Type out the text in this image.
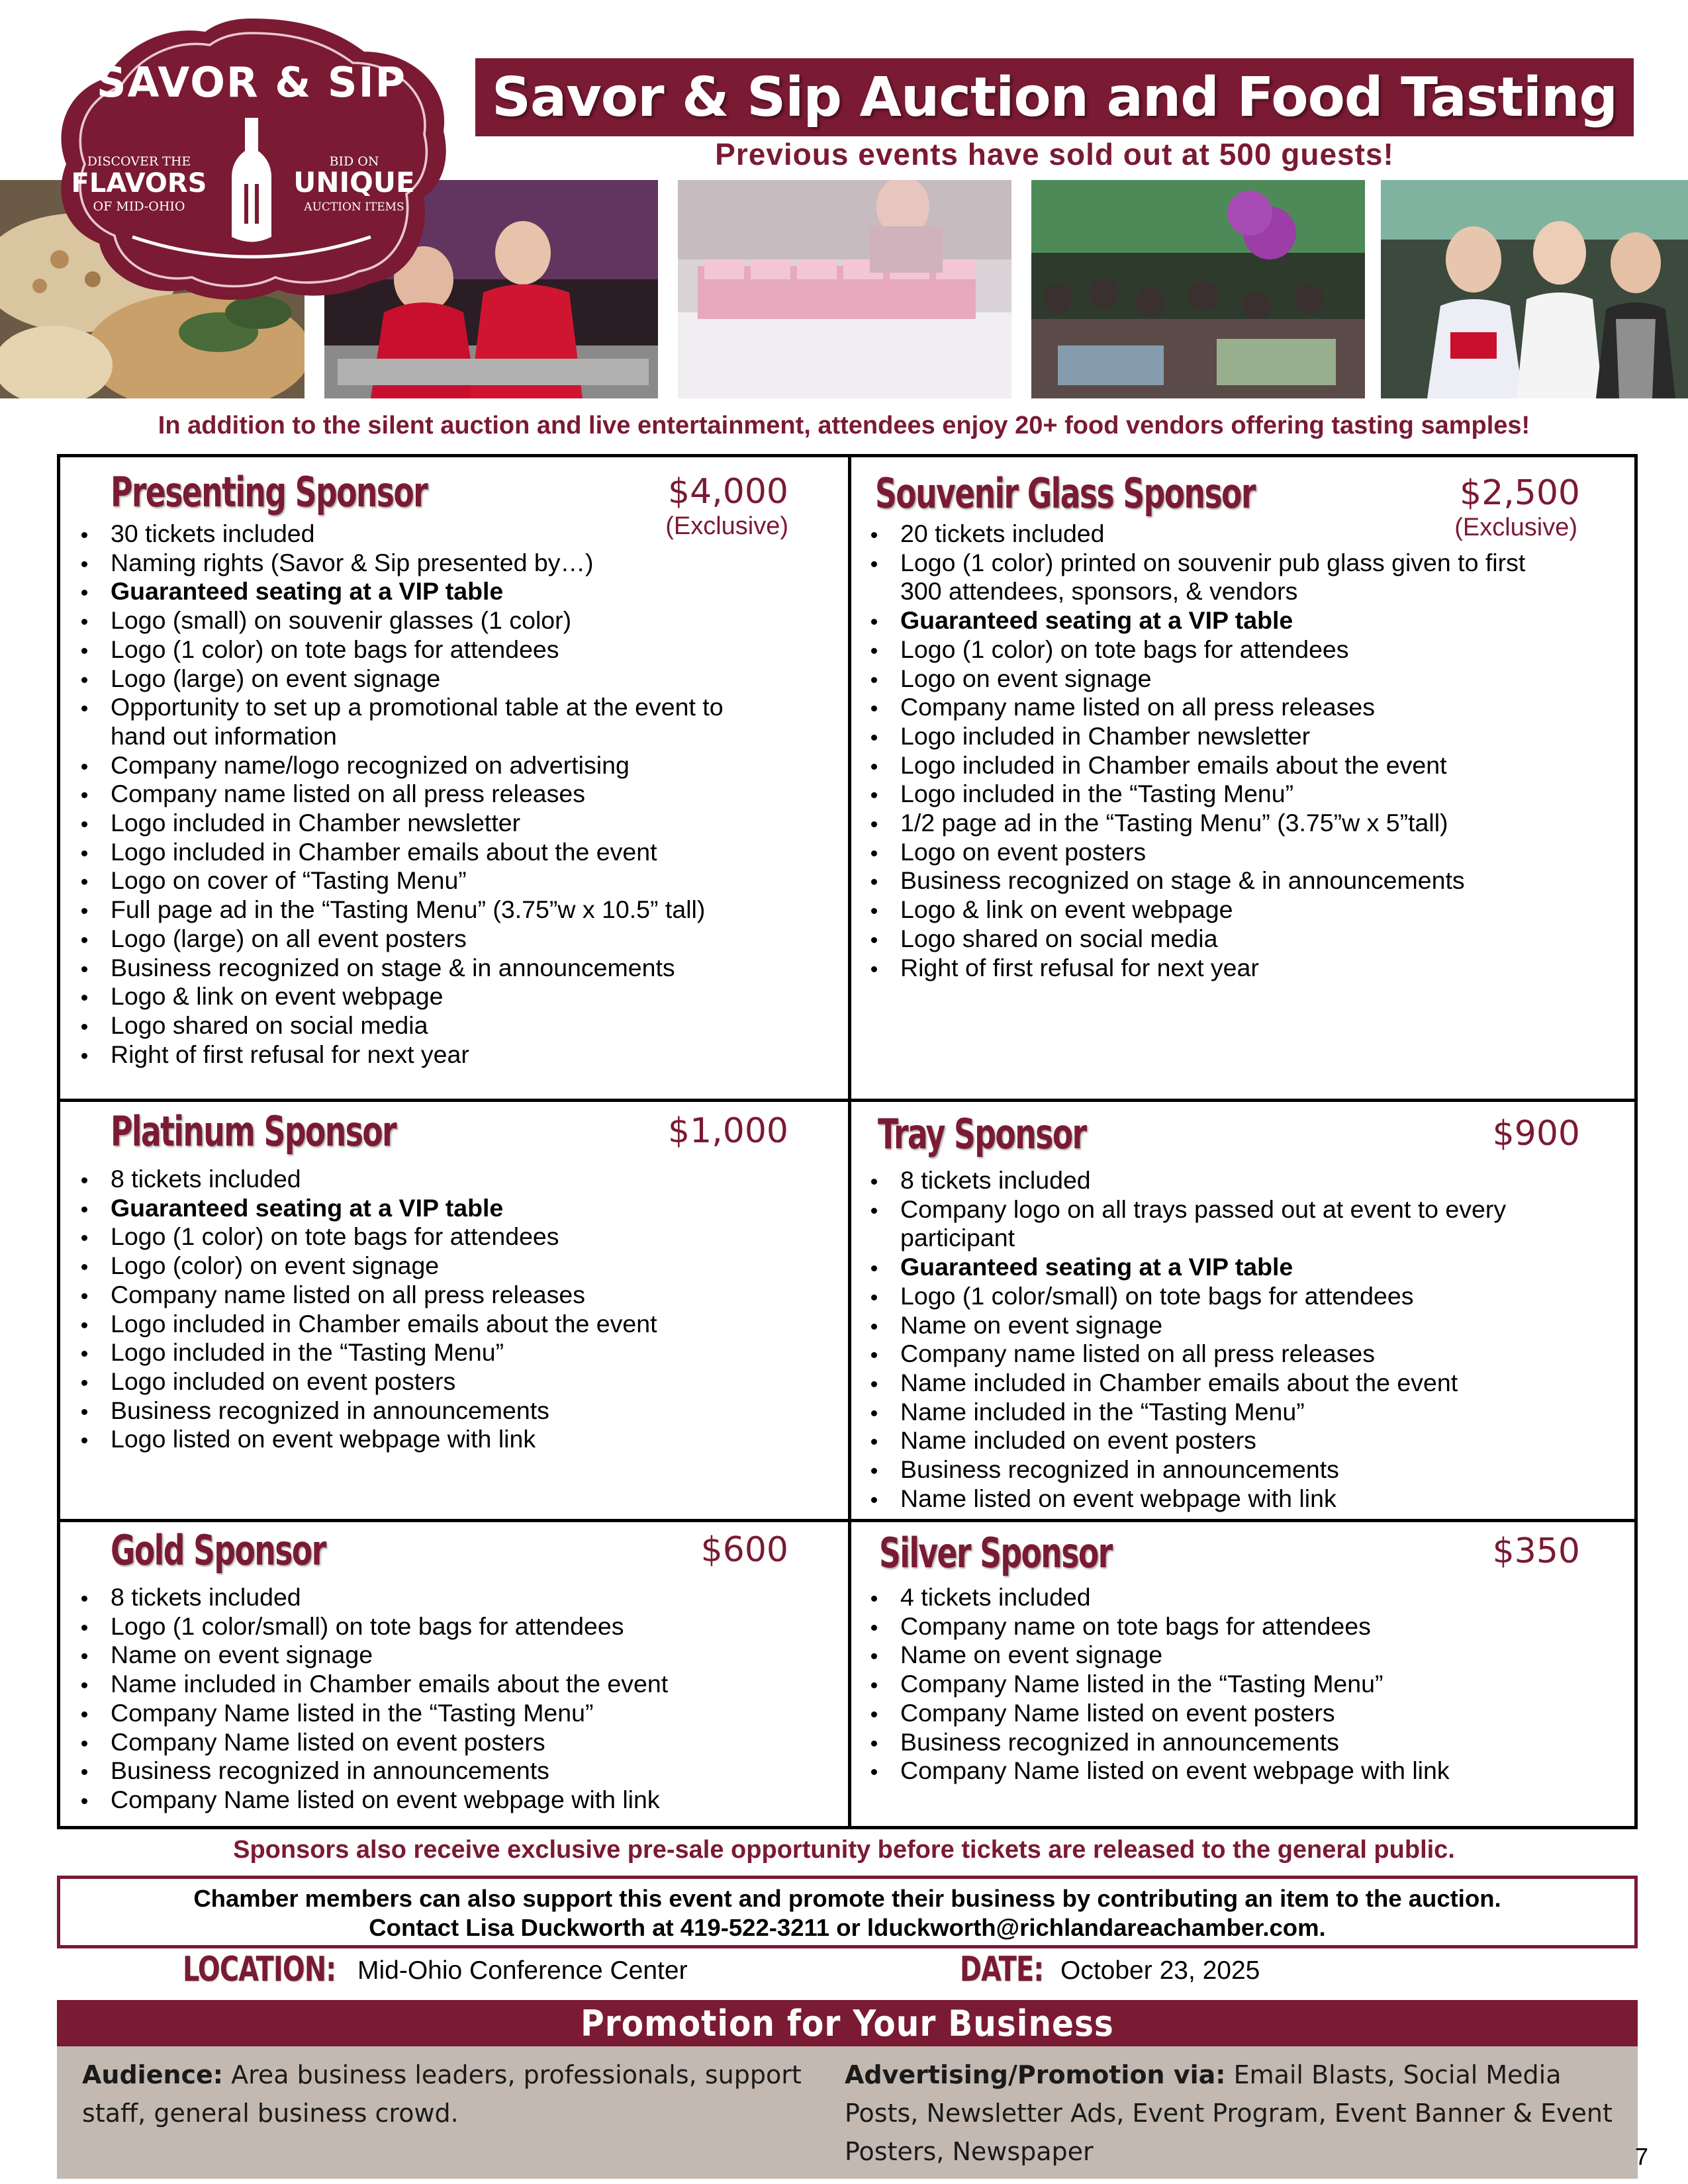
SAVOR & SIP
DISCOVER THE
FLAVORS
OF MID-OHIO
BID ON
UNIQUE
AUCTION ITEMS
Savor & Sip Auction and Food Tasting
Previous events have sold out at 500 guests!
In addition to the silent auction and live entertainment, attendees enjoy 20+ food vendors offering tasting samples!
Presenting Sponsor	$4,000
(Exclusive)
30 tickets included
Naming rights (Savor & Sip presented by…)
Guaranteed seating at a VIP table
Logo (small) on souvenir glasses (1 color)
Logo (1 color) on tote bags for attendees
Logo (large) on event signage
Opportunity to set up a promotional table at the event to
hand out information
Company name/logo recognized on advertising
Company name listed on all press releases
Logo included in Chamber newsletter
Logo included in Chamber emails about the event
Logo on cover of “Tasting Menu”
Full page ad in the “Tasting Menu” (3.75”w x 10.5” tall)
Logo (large) on all event posters
Business recognized on stage & in announcements
Logo & link on event webpage
Logo shared on social media
Right of first refusal for next year
Souvenir Glass Sponsor	$2,500
(Exclusive)
20 tickets included
Logo (1 color) printed on souvenir pub glass given to first
300 attendees, sponsors, & vendors
Guaranteed seating at a VIP table
Logo (1 color) on tote bags for attendees
Logo on event signage
Company name listed on all press releases
Logo included in Chamber newsletter
Logo included in Chamber emails about the event
Logo included in the “Tasting Menu”
1/2 page ad in the “Tasting Menu” (3.75”w x 5”tall)
Logo on event posters
Business recognized on stage & in announcements
Logo & link on event webpage
Logo shared on social media
Right of first refusal for next year
Platinum Sponsor	$1,000
8 tickets included
Guaranteed seating at a VIP table
Logo (1 color) on tote bags for attendees
Logo (color) on event signage
Company name listed on all press releases
Logo included in Chamber emails about the event
Logo included in the “Tasting Menu”
Logo included on event posters
Business recognized in announcements
Logo listed on event webpage with link
Tray Sponsor	$900
8 tickets included
Company logo on all trays passed out at event to every
participant
Guaranteed seating at a VIP table
Logo (1 color/small) on tote bags for attendees
Name on event signage
Company name listed on all press releases
Name included in Chamber emails about the event
Name included in the “Tasting Menu”
Name included on event posters
Business recognized in announcements
Name listed on event webpage with link
Gold Sponsor	$600
8 tickets included
Logo (1 color/small) on tote bags for attendees
Name on event signage
Name included in Chamber emails about the event
Company Name listed in the “Tasting Menu”
Company Name listed on event posters
Business recognized in announcements
Company Name listed on event webpage with link
Silver Sponsor	$350
4 tickets included
Company name on tote bags for attendees
Name on event signage
Company Name listed in the “Tasting Menu”
Company Name listed on event posters
Business recognized in announcements
Company Name listed on event webpage with link
Sponsors also receive exclusive pre-sale opportunity before tickets are released to the general public.
Chamber members can also support this event and promote their business by contributing an item to the auction.
Contact Lisa Duckworth at 419-522-3211 or lduckworth@richlandareachamber.com.
LOCATION: Mid-Ohio Conference Center	DATE: October 23, 2025
Promotion for Your Business
Audience: Area business leaders, professionals, support staff, general business crowd.
Advertising/Promotion via: Email Blasts, Social Media Posts, Newsletter Ads, Event Program, Event Banner & Event Posters, Newspaper	7
